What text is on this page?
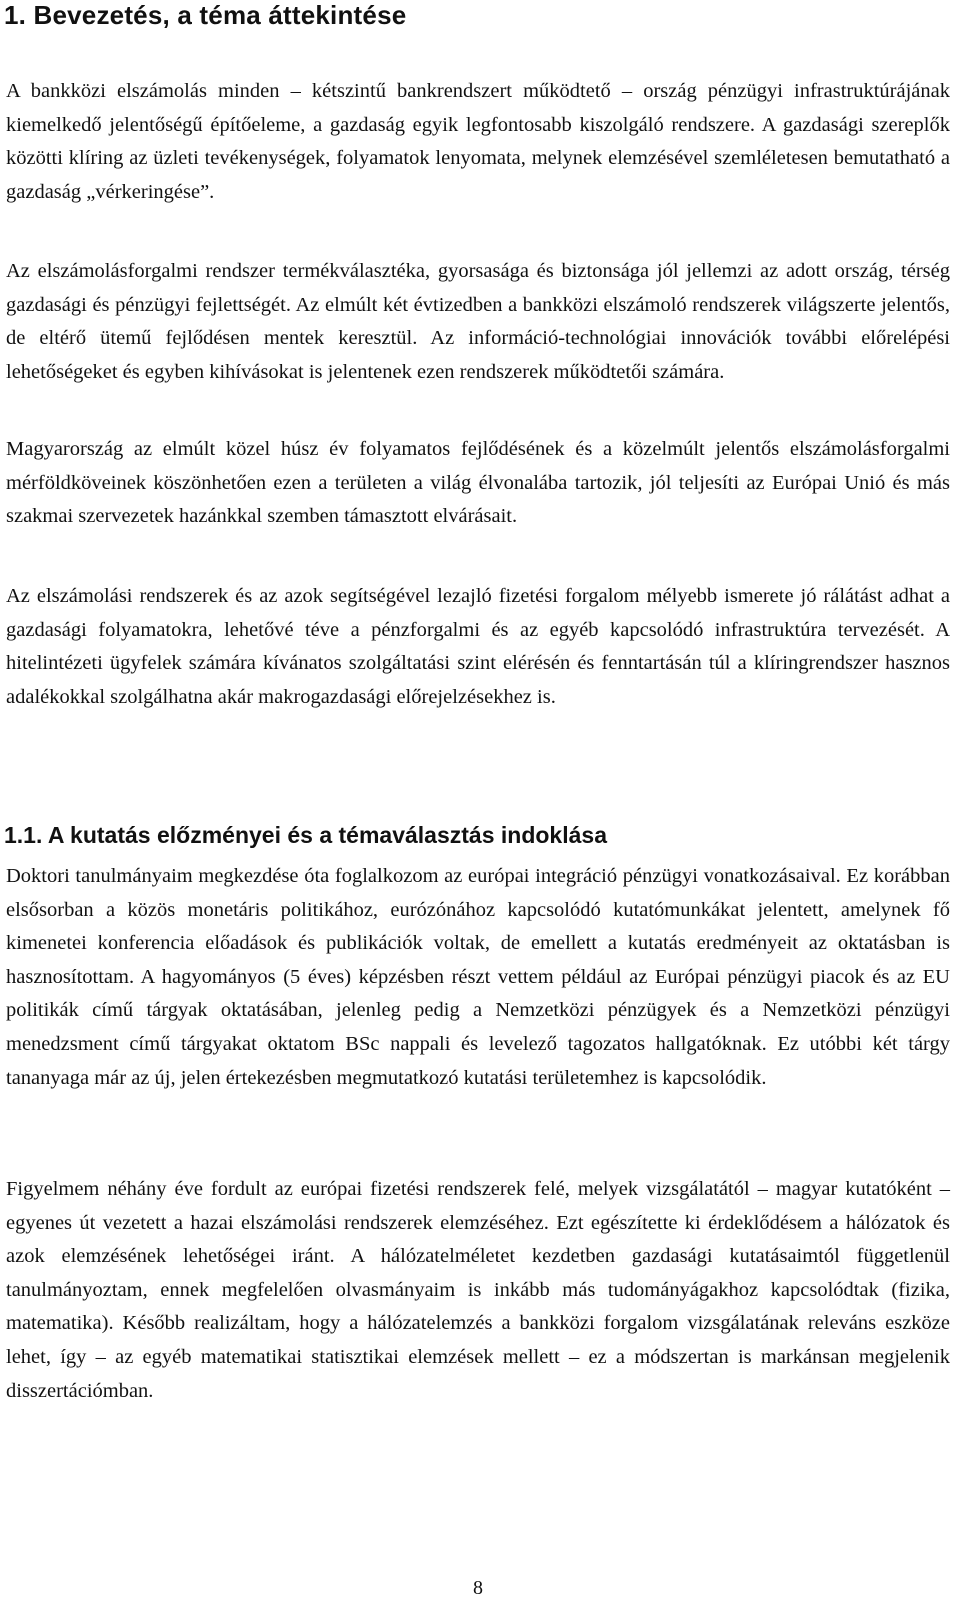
1. Bevezetés, a téma áttekintése

A bankközi elszámolás minden – kétszintű bankrendszert működtető – ország pénzügyi infrastruktúrájának kiemelkedő jelentőségű építőeleme, a gazdaság egyik legfontosabb kiszolgáló rendszere. A gazdasági szereplők közötti klíring az üzleti tevékenységek, folyamatok lenyomata, melynek elemzésével szemléletesen bemutatható a gazdaság „vérkeringése”.

Az elszámolásforgalmi rendszer termékválasztéka, gyorsasága és biztonsága jól jellemzi az adott ország, térség gazdasági és pénzügyi fejlettségét. Az elmúlt két évtizedben a bankközi elszámoló rendszerek világszerte jelentős, de eltérő ütemű fejlődésen mentek keresztül. Az információ-technológiai innovációk további előrelépési lehetőségeket és egyben kihívásokat is jelentenek ezen rendszerek működtetői számára.

Magyarország az elmúlt közel húsz év folyamatos fejlődésének és a közelmúlt jelentős elszámolásforgalmi mérföldköveinek köszönhetően ezen a területen a világ élvonalába tartozik, jól teljesíti az Európai Unió és más szakmai szervezetek hazánkkal szemben támasztott elvárásait.

Az elszámolási rendszerek és az azok segítségével lezajló fizetési forgalom mélyebb ismerete jó rálátást adhat a gazdasági folyamatokra, lehetővé téve a pénzforgalmi és az egyéb kapcsolódó infrastruktúra tervezését. A hitelintézeti ügyfelek számára kívánatos szolgáltatási szint elérésén és fenntartásán túl a klíringrendszer hasznos adalékokkal szolgálhatna akár makrogazdasági előrejelzésekhez is.

1.1. A kutatás előzményei és a témaválasztás indoklása

Doktori tanulmányaim megkezdése óta foglalkozom az európai integráció pénzügyi vonatkozásaival. Ez korábban elsősorban a közös monetáris politikához, eurózónához kapcsolódó kutatómunkákat jelentett, amelynek fő kimenetei konferencia előadások és publikációk voltak, de emellett a kutatás eredményeit az oktatásban is hasznosítottam. A hagyományos (5 éves) képzésben részt vettem például az Európai pénzügyi piacok és az EU politikák című tárgyak oktatásában, jelenleg pedig a Nemzetközi pénzügyek és a Nemzetközi pénzügyi menedzsment című tárgyakat oktatom BSc nappali és levelező tagozatos hallgatóknak. Ez utóbbi két tárgy tananyaga már az új, jelen értekezésben megmutatkozó kutatási területemhez is kapcsolódik.

Figyelmem néhány éve fordult az európai fizetési rendszerek felé, melyek vizsgálatától – magyar kutatóként – egyenes út vezetett a hazai elszámolási rendszerek elemzéséhez. Ezt egészítette ki érdeklődésem a hálózatok és azok elemzésének lehetőségei iránt. A hálózatelméletet kezdetben gazdasági kutatásaimtól függetlenül tanulmányoztam, ennek megfelelően olvasmányaim is inkább más tudományágakhoz kapcsolódtak (fizika, matematika). Később realizáltam, hogy a hálózatelemzés a bankközi forgalom vizsgálatának releváns eszköze lehet, így – az egyéb matematikai statisztikai elemzések mellett – ez a módszertan is markánsan megjelenik disszertációmban.

8
